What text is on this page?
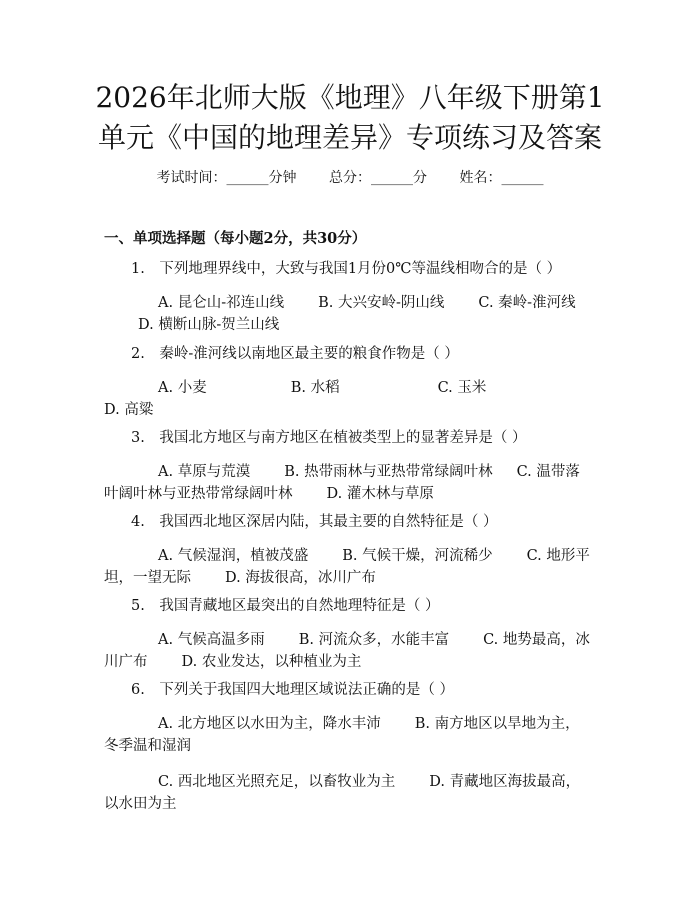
2026年北师大版《地理》八年级下册第1单元《中国的地理差异》专项练习及答案
考试时间：______分钟 总分：______分 姓名：______
一、单项选择题（每小题2分，共30分）
1.　下列地理界线中，大致与我国1月份0℃等温线相吻合的是（ ）
A. 昆仑山-祁连山线 B. 大兴安岭-阴山线 C. 秦岭-淮河线D. 横断山脉-贺兰山线
2.　秦岭-淮河线以南地区最主要的粮食作物是（ ）
A. 小麦	B. 水稻	C. 玉米D. 高粱
3.　我国北方地区与南方地区在植被类型上的显著差异是（ ）
A. 草原与荒漠 B. 热带雨林与亚热带常绿阔叶林 C. 温带落叶阔叶林与亚热带常绿阔叶林 D. 灌木林与草原
4.　我国西北地区深居内陆，其最主要的自然特征是（ ）
A. 气候湿润，植被茂盛 B. 气候干燥，河流稀少 C. 地形平坦，一望无际 D. 海拔很高，冰川广布
5.　我国青藏地区最突出的自然地理特征是（ ）
A. 气候高温多雨 B. 河流众多，水能丰富 C. 地势最高，冰川广布 D. 农业发达，以种植业为主
6.　下列关于我国四大地理区域说法正确的是（ ）
A. 北方地区以水田为主，降水丰沛 B. 南方地区以旱地为主，冬季温和湿润
C. 西北地区光照充足，以畜牧业为主 D. 青藏地区海拔最高，以水田为主
